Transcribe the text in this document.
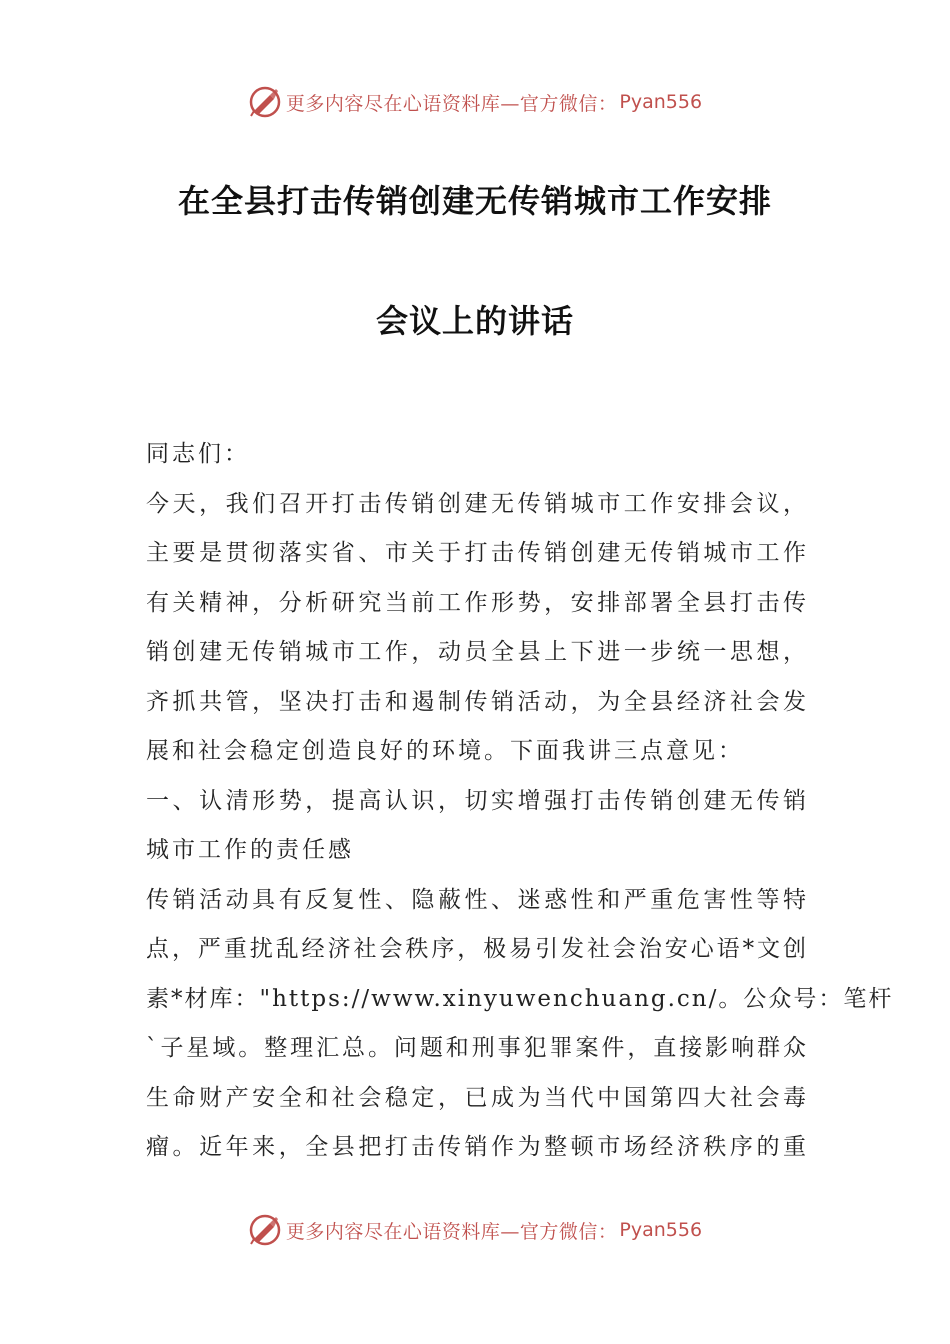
更多内容尽在心语资料库—官方微信： Pyan556
在全县打击传销创建无传销城市工作安排
会议上的讲话
同志们：
今天，我们召开打击传销创建无传销城市工作安排会议，
主要是贯彻落实省、市关于打击传销创建无传销城市工作
有关精神，分析研究当前工作形势，安排部署全县打击传
销创建无传销城市工作，动员全县上下进一步统一思想，
齐抓共管，坚决打击和遏制传销活动，为全县经济社会发
展和社会稳定创造良好的环境。下面我讲三点意见：
一、认清形势，提高认识，切实增强打击传销创建无传销
城市工作的责任感
传销活动具有反复性、隐蔽性、迷惑性和严重危害性等特
点，严重扰乱经济社会秩序，极易引发社会治安心语*文创
素*材库："https://www.xinyuwenchuang.cn/。公众号：笔杆
`子星域。整理汇总。问题和刑事犯罪案件，直接影响群众
生命财产安全和社会稳定，已成为当代中国第四大社会毒
瘤。近年来，全县把打击传销作为整顿市场经济秩序的重
更多内容尽在心语资料库—官方微信： Pyan556
